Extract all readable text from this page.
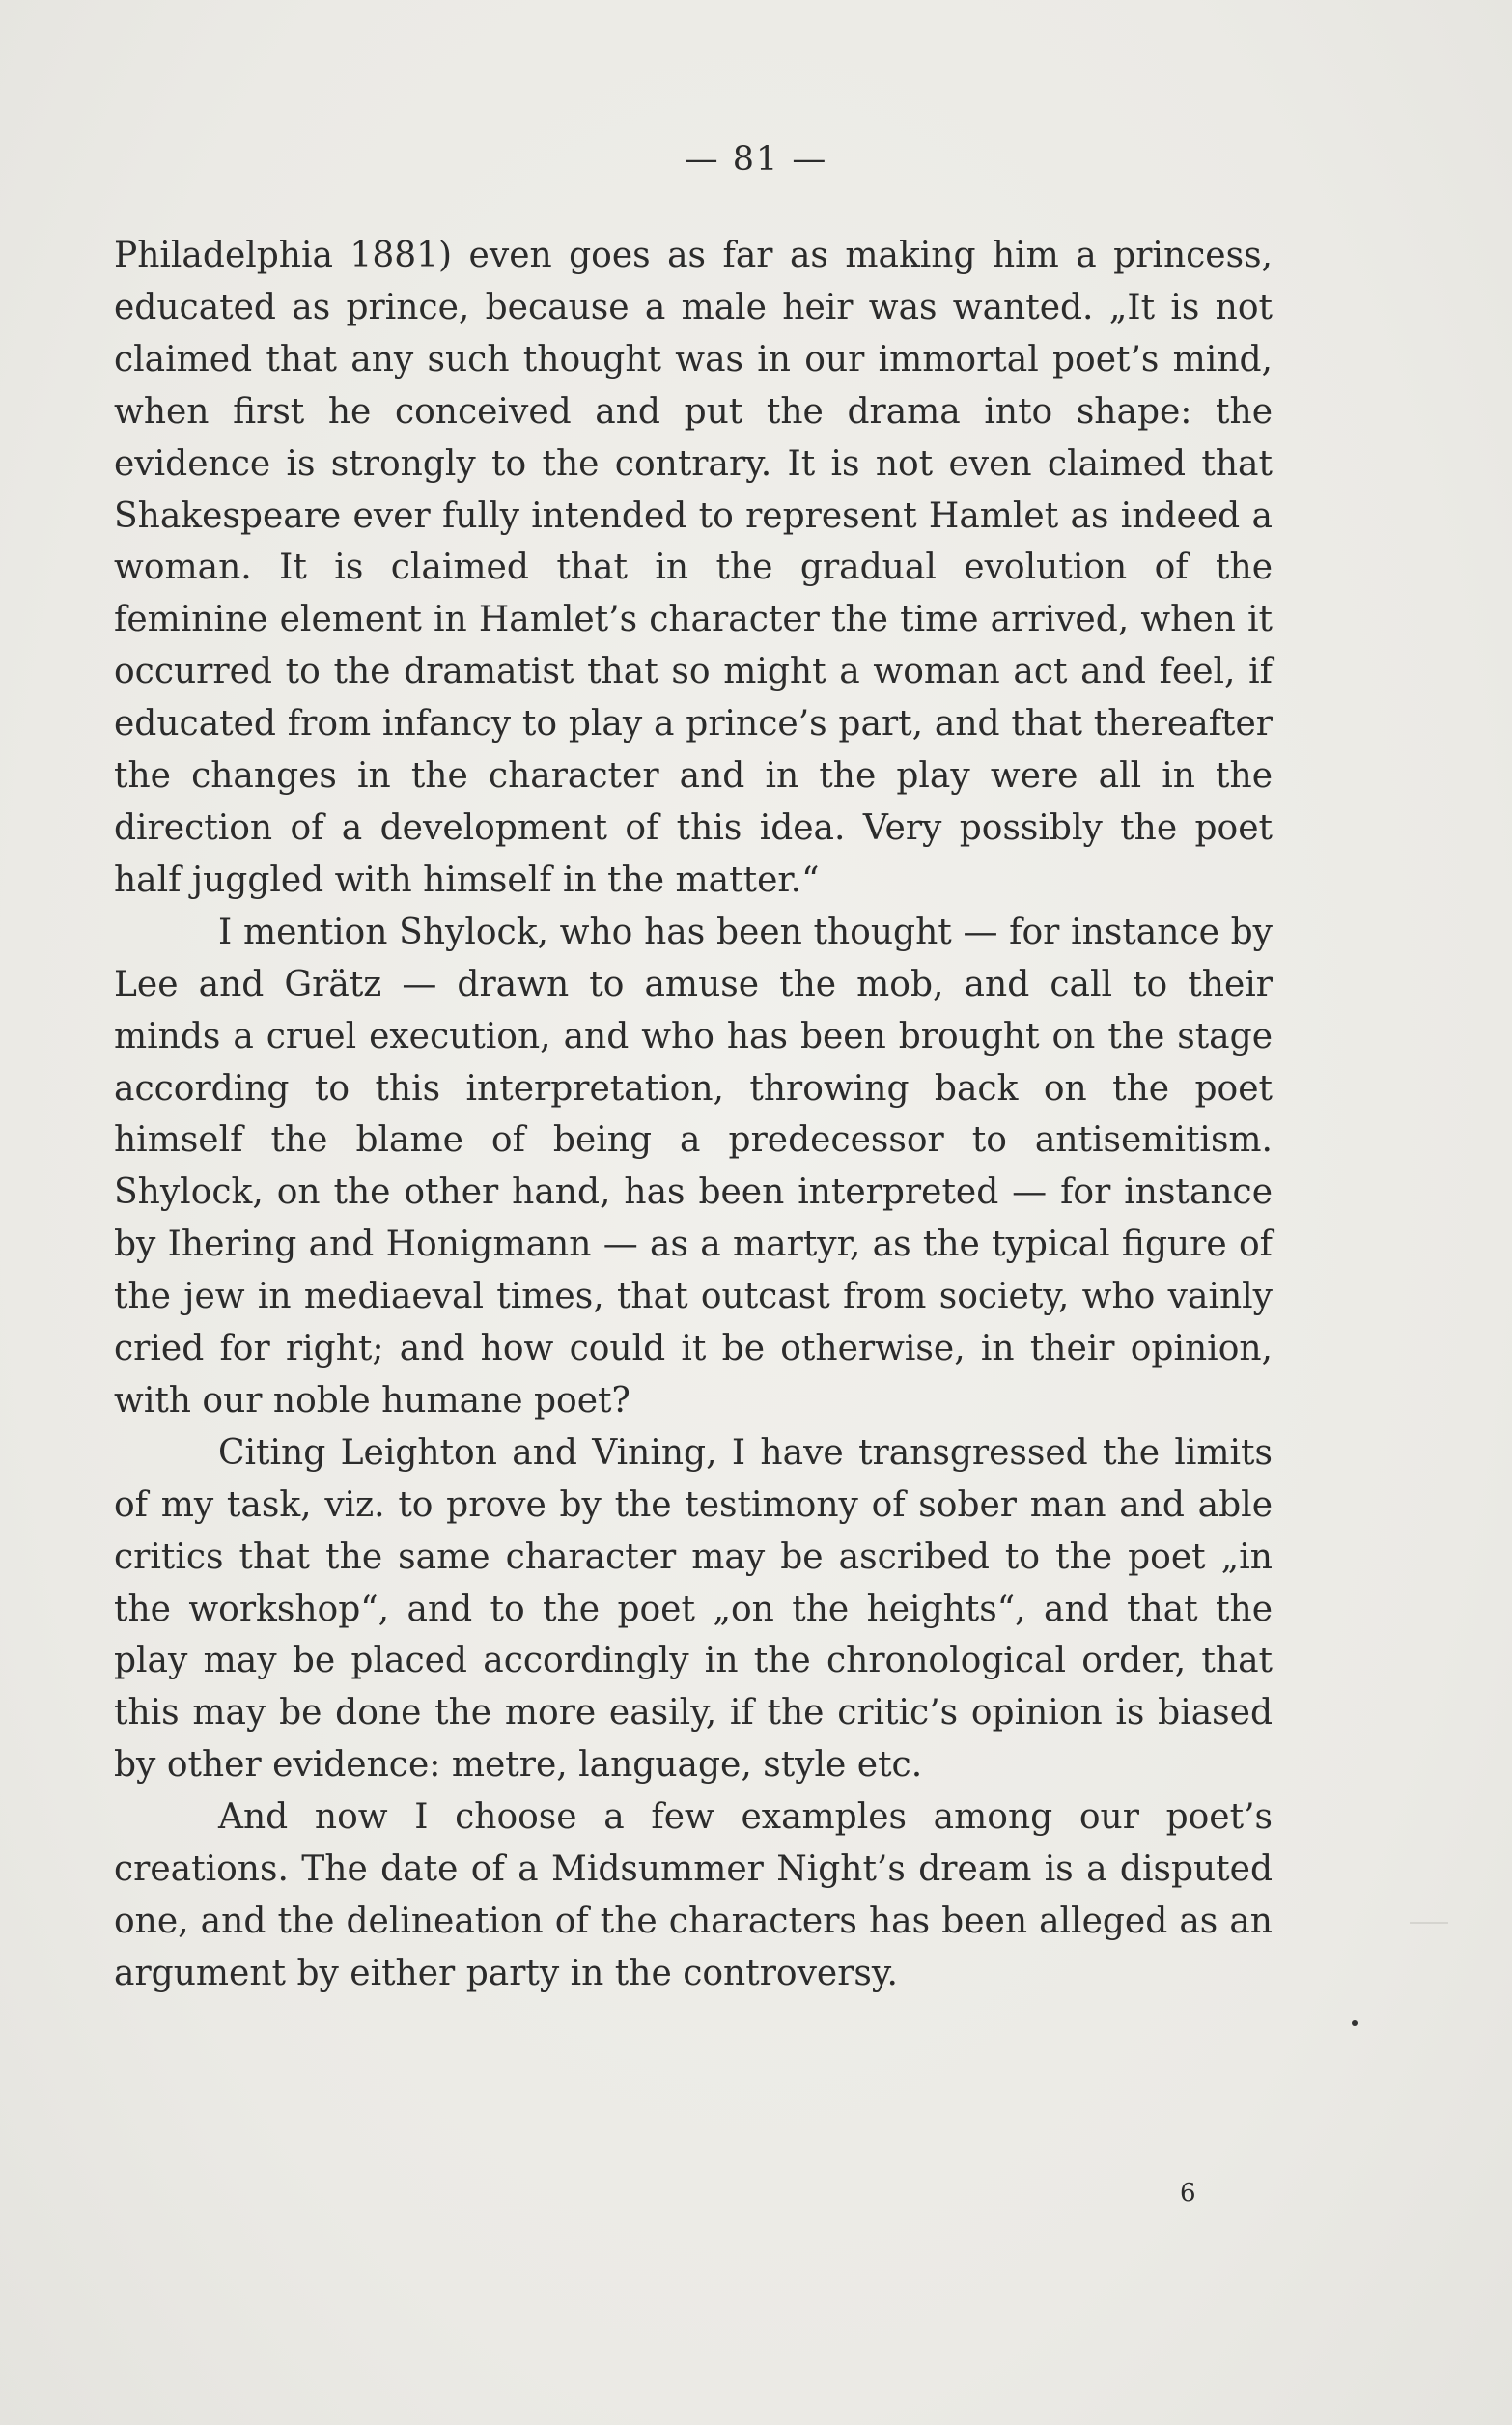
— 81 —

Philadelphia 1881) even goes as far as making him a princess, educated as prince, because a male heir was wanted. „It is not claimed that any such thought was in our immortal poet’s mind, when first he conceived and put the drama into shape: the evidence is strongly to the contrary. It is not even claimed that Shakespeare ever fully intended to represent Hamlet as indeed a woman. It is claimed that in the gradual evolution of the feminine element in Hamlet’s character the time arrived, when it occurred to the dramatist that so might a woman act and feel, if educated from infancy to play a prince’s part, and that thereafter the changes in the character and in the play were all in the direction of a development of this idea. Very possibly the poet half juggled with himself in the matter.“

I mention Shylock, who has been thought — for instance by Lee and Grätz — drawn to amuse the mob, and call to their minds a cruel execution, and who has been brought on the stage according to this interpretation, throwing back on the poet himself the blame of being a predecessor to antisemitism. Shylock, on the other hand, has been interpreted — for instance by Ihering and Honigmann — as a martyr, as the typical figure of the jew in mediaeval times, that outcast from society, who vainly cried for right; and how could it be otherwise, in their opinion, with our noble humane poet?

Citing Leighton and Vining, I have transgressed the limits of my task, viz. to prove by the testimony of sober man and able critics that the same character may be ascribed to the poet „in the workshop“, and to the poet „on the heights“, and that the play may be placed accordingly in the chronological order, that this may be done the more easily, if the critic’s opinion is biased by other evidence: metre, language, style etc.

And now I choose a few examples among our poet’s creations. The date of a Midsummer Night’s dream is a disputed one, and the delineation of the characters has been alleged as an argument by either party in the controversy.

6
